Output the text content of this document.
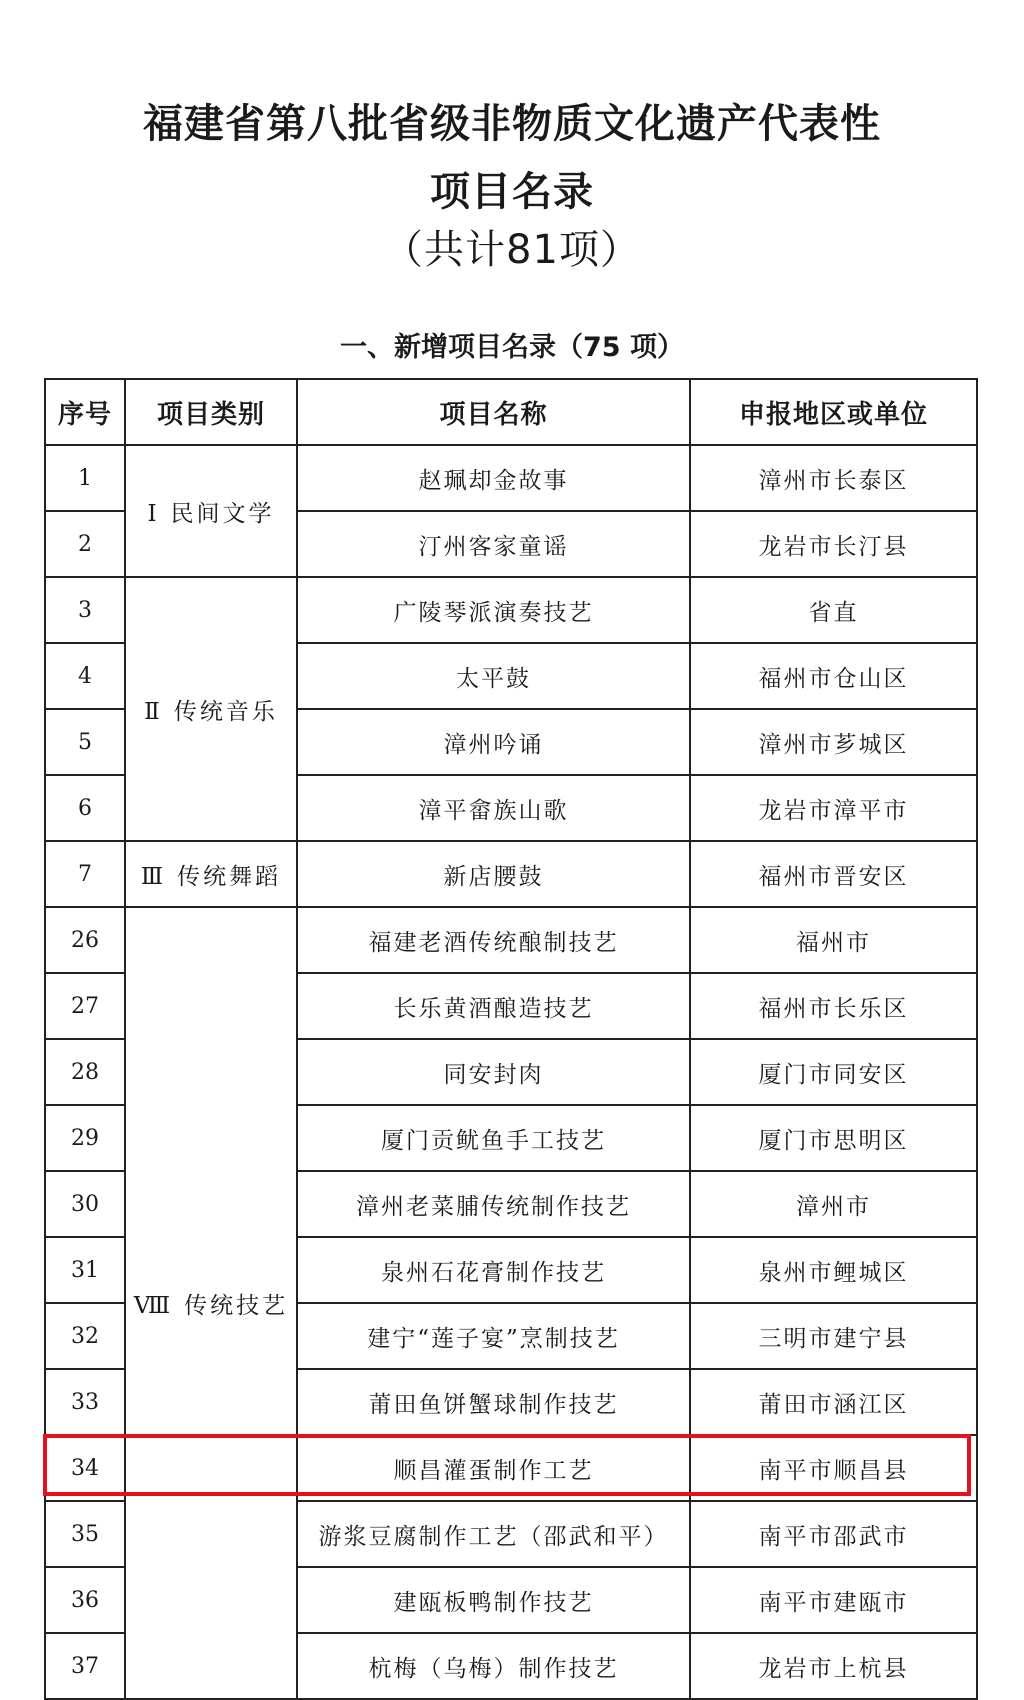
福建省第八批省级非物质文化遗产代表性
项目名录
（共计81项）
一、新增项目名录（75 项）
序号	项目类别	项目名称	申报地区或单位
1	Ⅰ 民间文学	赵珮却金故事	漳州市长泰区
2		汀州客家童谣	龙岩市长汀县
3	Ⅱ 传统音乐	广陵琴派演奏技艺	省直
4		太平鼓	福州市仓山区
5		漳州吟诵	漳州市芗城区
6		漳平畲族山歌	龙岩市漳平市
7	Ⅲ 传统舞蹈	新店腰鼓	福州市晋安区
26	Ⅷ 传统技艺	福建老酒传统酿制技艺	福州市
27		长乐黄酒酿造技艺	福州市长乐区
28		同安封肉	厦门市同安区
29		厦门贡鱿鱼手工技艺	厦门市思明区
30		漳州老菜脯传统制作技艺	漳州市
31		泉州石花膏制作技艺	泉州市鲤城区
32		建宁“莲子宴”烹制技艺	三明市建宁县
33		莆田鱼饼蟹球制作技艺	莆田市涵江区
34		顺昌灌蛋制作工艺	南平市顺昌县
35		游浆豆腐制作工艺（邵武和平）	南平市邵武市
36		建瓯板鸭制作技艺	南平市建瓯市
37		杭梅（乌梅）制作技艺	龙岩市上杭县
